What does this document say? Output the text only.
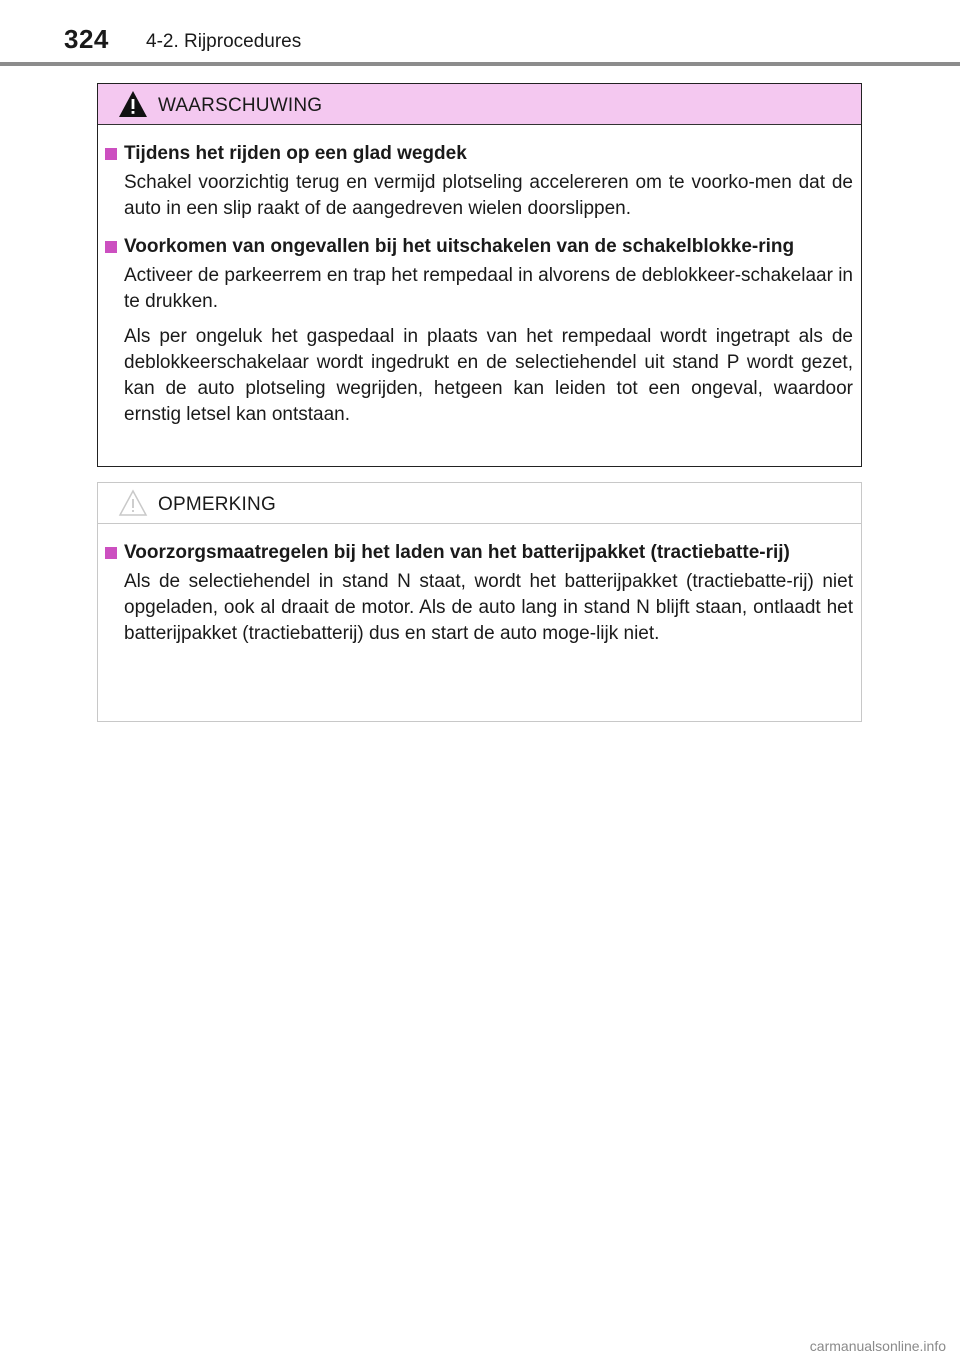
324 4-2. Rijprocedures
WAARSCHUWING
Tijdens het rijden op een glad wegdek
Schakel voorzichtig terug en vermijd plotseling accelereren om te voorko-men dat de auto in een slip raakt of de aangedreven wielen doorslippen.
Voorkomen van ongevallen bij het uitschakelen van de schakelblokke-ring
Activeer de parkeerrem en trap het rempedaal in alvorens de deblokkeer-schakelaar in te drukken.
Als per ongeluk het gaspedaal in plaats van het rempedaal wordt ingetrapt als de deblokkeerschakelaar wordt ingedrukt en de selectiehendel uit stand P wordt gezet, kan de auto plotseling wegrijden, hetgeen kan leiden tot een ongeval, waardoor ernstig letsel kan ontstaan.
OPMERKING
Voorzorgsmaatregelen bij het laden van het batterijpakket (tractiebatte-rij)
Als de selectiehendel in stand N staat, wordt het batterijpakket (tractiebatte-rij) niet opgeladen, ook al draait de motor. Als de auto lang in stand N blijft staan, ontlaadt het batterijpakket (tractiebatterij) dus en start de auto moge-lijk niet.
carmanualsonline.info
